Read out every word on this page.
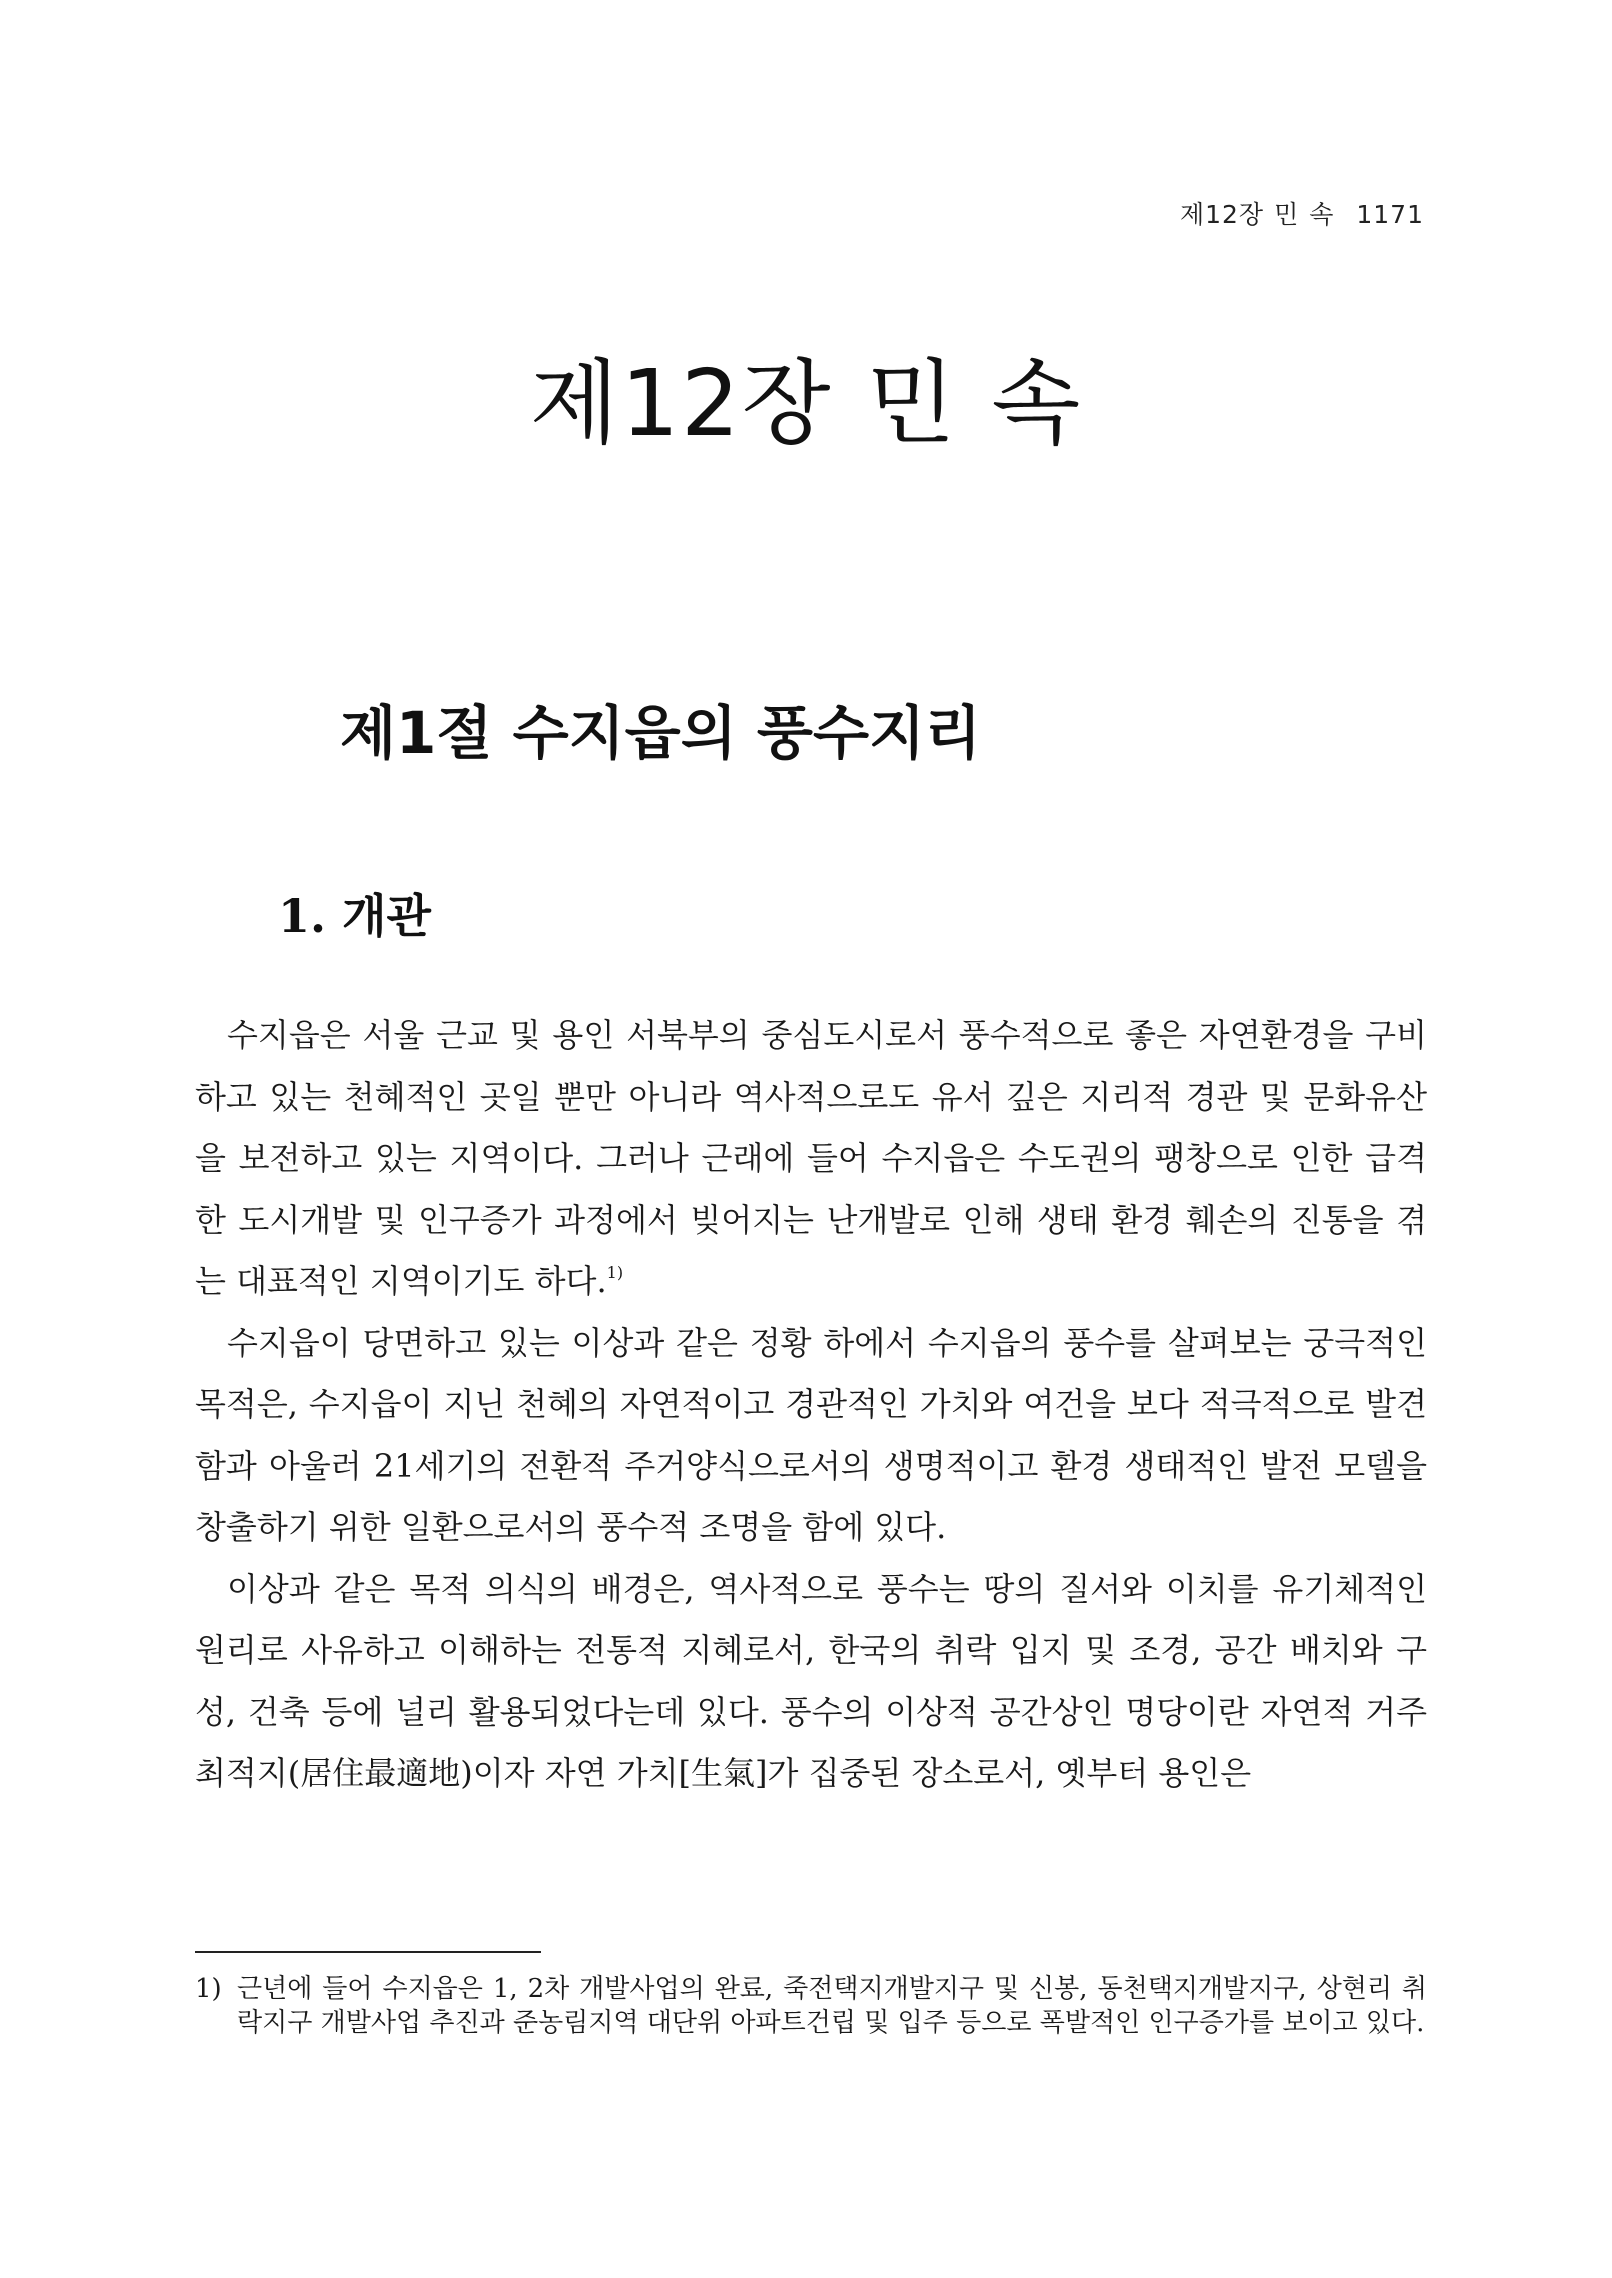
제12장 민 속 1171
제12장 민 속
제1절 수지읍의 풍수지리
1. 개관

수지읍은 서울 근교 및 용인 서북부의 중심도시로서 풍수적으로 좋은 자연환경을 구비하고 있는 천혜적인 곳일 뿐만 아니라 역사적으로도 유서 깊은 지리적 경관 및 문화유산을 보전하고 있는 지역이다. 그러나 근래에 들어 수지읍은 수도권의 팽창으로 인한 급격한 도시개발 및 인구증가 과정에서 빚어지는 난개발로 인해 생태 환경 훼손의 진통을 겪는 대표적인 지역이기도 하다.$^{1)}$

수지읍이 당면하고 있는 이상과 같은 정황 하에서 수지읍의 풍수를 살펴보는 궁극적인 목적은, 수지읍이 지닌 천혜의 자연적이고 경관적인 가치와 여건을 보다 적극적으로 발견함과 아울러 21세기의 전환적 주거양식으로서의 생명적이고 환경 생태적인 발전 모델을 창출하기 위한 일환으로서의 풍수적 조명을 함에 있다.

이상과 같은 목적 의식의 배경은, 역사적으로 풍수는 땅의 질서와 이치를 유기체적인 원리로 사유하고 이해하는 전통적 지혜로서, 한국의 취락 입지 및 조경, 공간 배치와 구성, 건축 등에 널리 활용되었다는데 있다. 풍수의 이상적 공간상인 명당이란 자연적 거주최적지(居住最適地)이자 자연 가치[生氣]가 집중된 장소로서, 옛부터 용인은

1) 근년에 들어 수지읍은 1, 2차 개발사업의 완료, 죽전택지개발지구 및 신봉, 동천택지개발지구, 상현리 취락지구 개발사업 추진과 준농림지역 대단위 아파트건립 및 입주 등으로 폭발적인 인구증가를 보이고 있다.
